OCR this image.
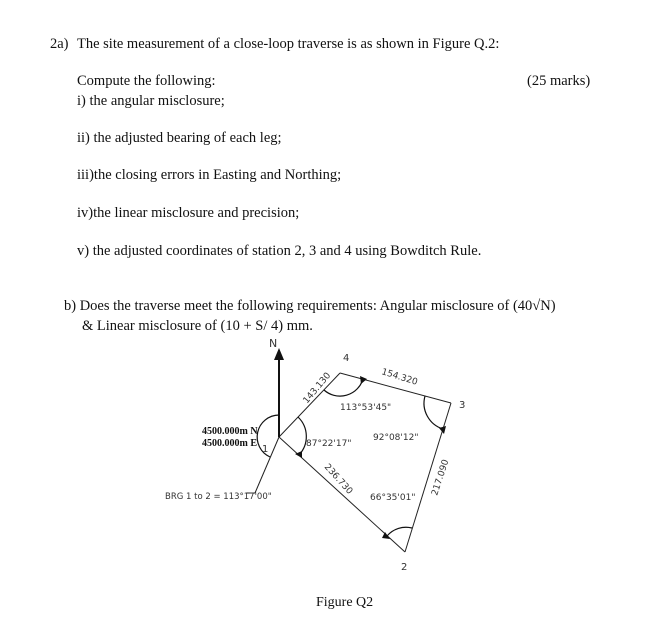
2a) The site measurement of a close-loop traverse is as shown in Figure Q.2:
Compute the following:	(25 marks)
i) the angular misclosure;
ii) the adjusted bearing of each leg;
iii)the closing errors in Easting and Northing;
iv)the linear misclosure and precision;
v) the adjusted coordinates of station 2, 3 and 4 using Bowditch Rule.
b) Does the traverse meet the following requirements: Angular misclosure of (40√N)
& Linear misclosure of (10 + S/ 4) mm.
N
1
2
3
4
4500.000m N
4500.000m E
143.130	154.320
217.090
236.730
113°53'45"
92°08'12"
87°22'17"
66°35'01"
BRG 1 to 2 = 113°17'00"
Figure Q2
